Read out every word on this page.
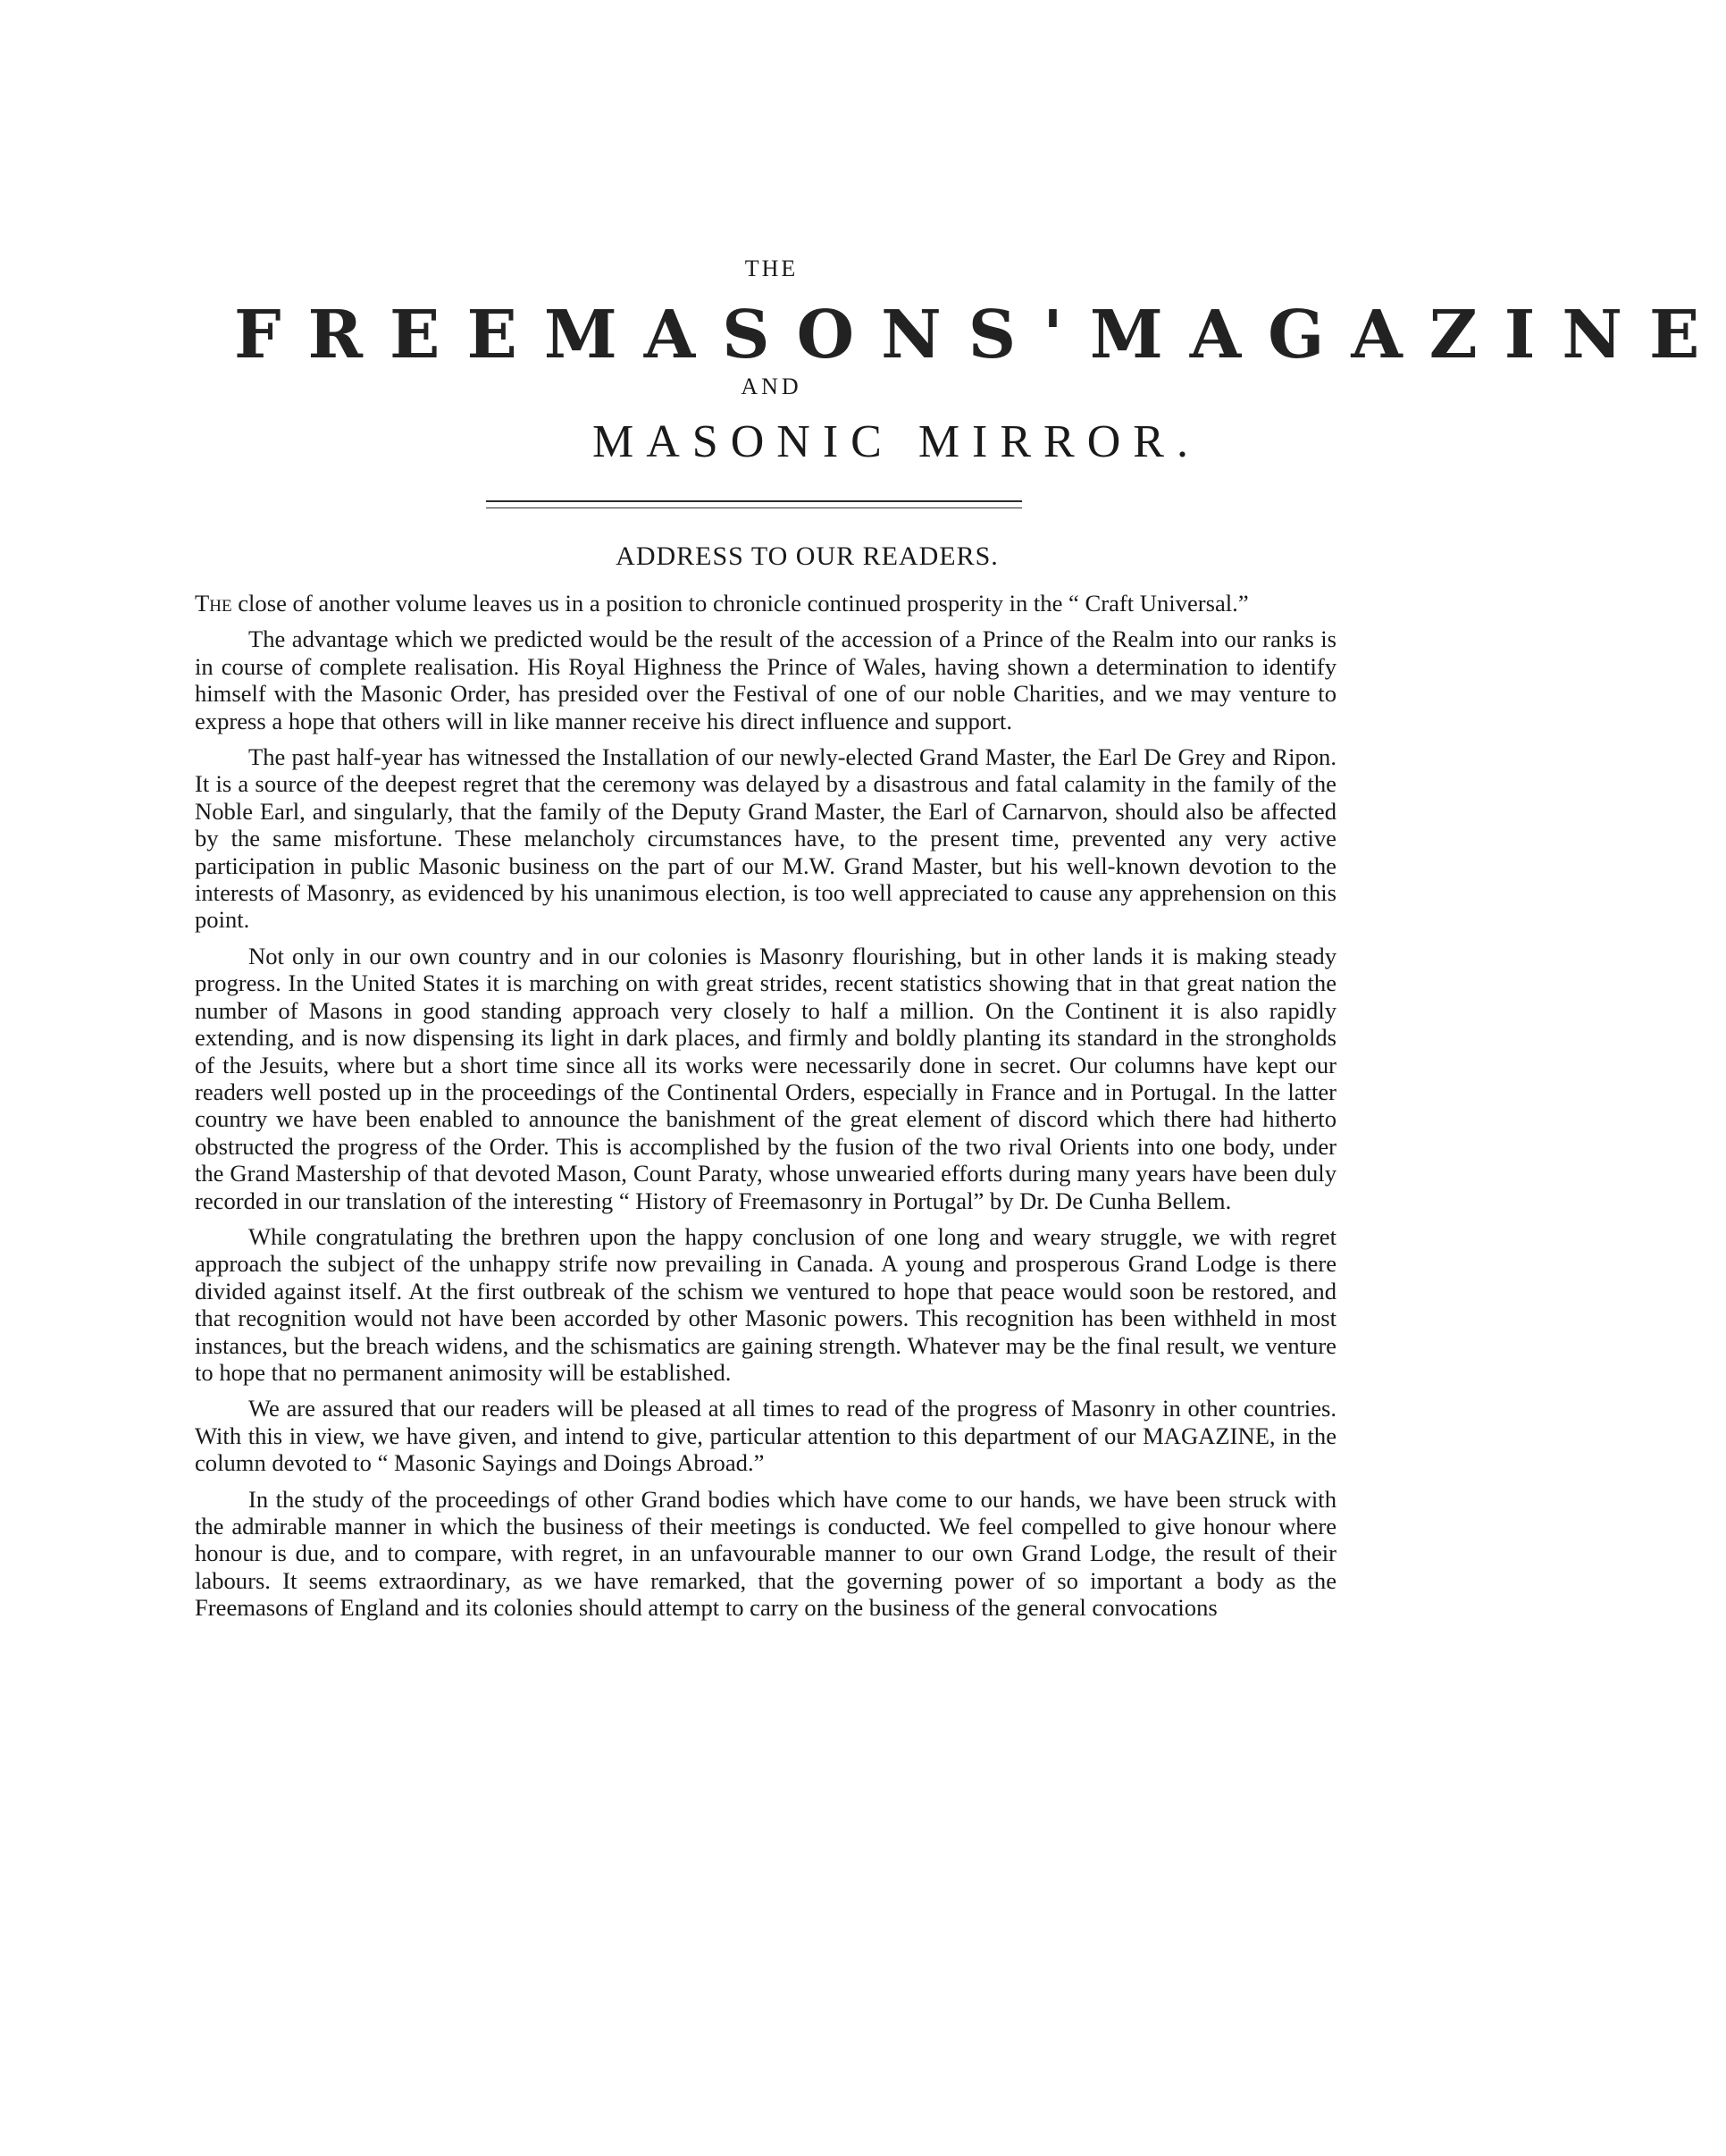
THE
FREEMASONS' MAGAZINE
AND
MASONIC MIRROR.
ADDRESS TO OUR READERS.

The close of another volume leaves us in a position to chronicle continued prosperity in the “ Craft Universal.”

The advantage which we predicted would be the result of the accession of a Prince of the Realm into our ranks is in course of complete realisation. His Royal Highness the Prince of Wales, having shown a determination to identify himself with the Masonic Order, has presided over the Festival of one of our noble Charities, and we may venture to express a hope that others will in like manner receive his direct influence and support.

The past half-year has witnessed the Installation of our newly-elected Grand Master, the Earl De Grey and Ripon. It is a source of the deepest regret that the ceremony was delayed by a disastrous and fatal calamity in the family of the Noble Earl, and singularly, that the family of the Deputy Grand Master, the Earl of Carnarvon, should also be affected by the same misfortune. These melancholy circumstances have, to the present time, prevented any very active participation in public Masonic business on the part of our M.W. Grand Master, but his well-known devotion to the interests of Masonry, as evidenced by his unanimous election, is too well appreciated to cause any apprehension on this point.

Not only in our own country and in our colonies is Masonry flourishing, but in other lands it is making steady progress. In the United States it is marching on with great strides, recent statistics showing that in that great nation the number of Masons in good standing approach very closely to half a million. On the Continent it is also rapidly extending, and is now dispensing its light in dark places, and firmly and boldly planting its standard in the strongholds of the Jesuits, where but a short time since all its works were necessarily done in secret. Our columns have kept our readers well posted up in the proceedings of the Continental Orders, especially in France and in Portugal. In the latter country we have been enabled to announce the banishment of the great element of discord which there had hitherto obstructed the progress of the Order. This is accomplished by the fusion of the two rival Orients into one body, under the Grand Mastership of that devoted Mason, Count Paraty, whose unwearied efforts during many years have been duly recorded in our translation of the interesting “ History of Freemasonry in Portugal” by Dr. De Cunha Bellem.

While congratulating the brethren upon the happy conclusion of one long and weary struggle, we with regret approach the subject of the unhappy strife now prevailing in Canada. A young and prosperous Grand Lodge is there divided against itself. At the first outbreak of the schism we ventured to hope that peace would soon be restored, and that recognition would not have been accorded by other Masonic powers. This recognition has been withheld in most instances, but the breach widens, and the schismatics are gaining strength. Whatever may be the final result, we venture to hope that no permanent animosity will be established.

We are assured that our readers will be pleased at all times to read of the progress of Masonry in other countries. With this in view, we have given, and intend to give, particular attention to this department of our MAGAZINE, in the column devoted to “ Masonic Sayings and Doings Abroad.”

In the study of the proceedings of other Grand bodies which have come to our hands, we have been struck with the admirable manner in which the business of their meetings is conducted. We feel compelled to give honour where honour is due, and to compare, with regret, in an unfavourable manner to our own Grand Lodge, the result of their labours. It seems extraordinary, as we have remarked, that the governing power of so important a body as the Freemasons of England and its colonies should attempt to carry on the business of the general convocations
